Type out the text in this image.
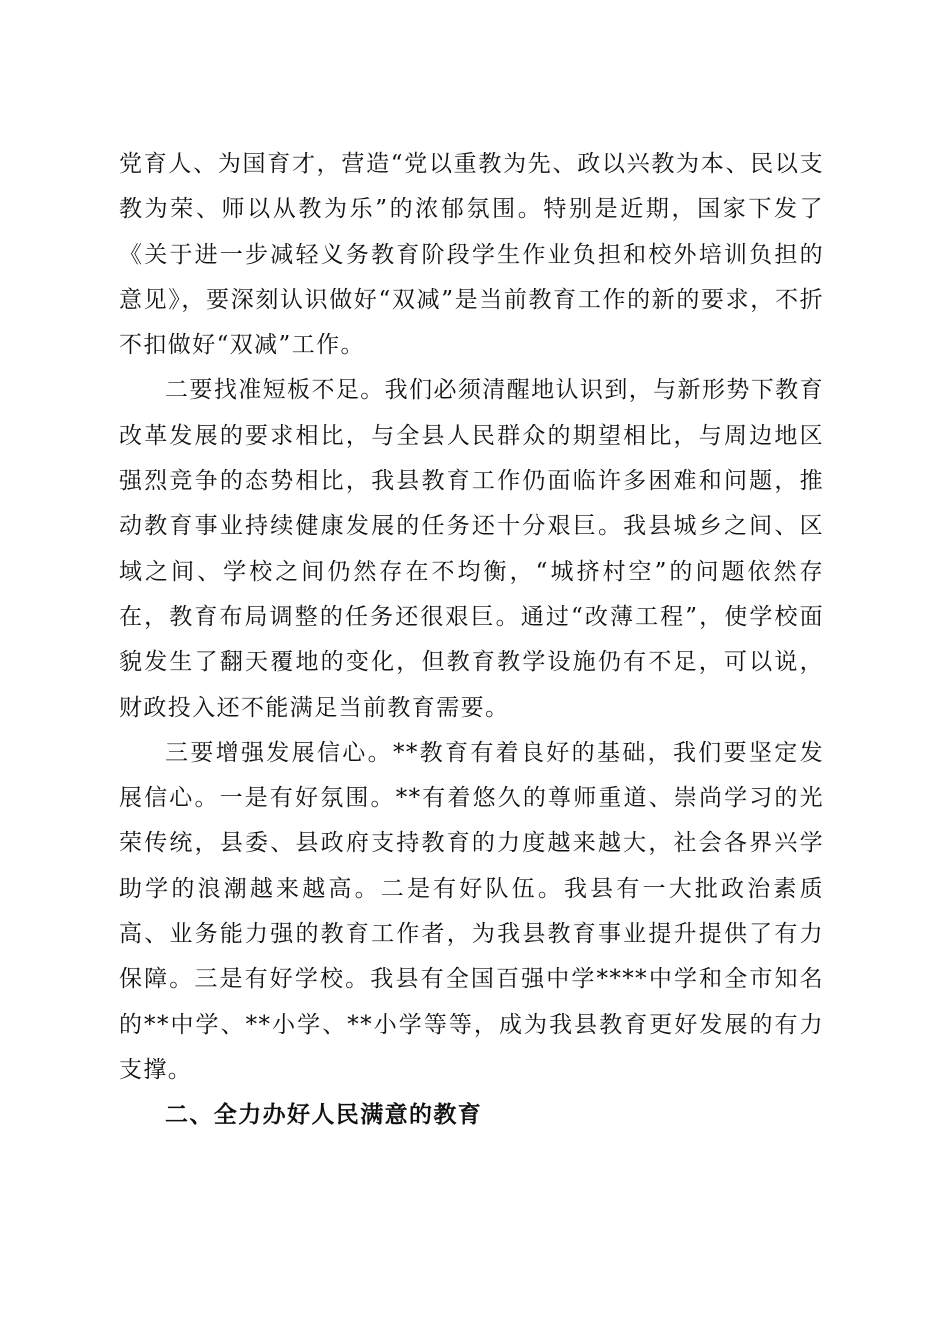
党育人、为国育才，营造“党以重教为先、政以兴教为本、民以支教为荣、师以从教为乐”的浓郁氛围。特别是近期，国家下发了《关于进一步减轻义务教育阶段学生作业负担和校外培训负担的意见》，要深刻认识做好“双减”是当前教育工作的新的要求，不折不扣做好“双减”工作。

二要找准短板不足。我们必须清醒地认识到，与新形势下教育改革发展的要求相比，与全县人民群众的期望相比，与周边地区强烈竞争的态势相比，我县教育工作仍面临许多困难和问题，推动教育事业持续健康发展的任务还十分艰巨。我县城乡之间、区域之间、学校之间仍然存在不均衡，“城挤村空”的问题依然存在，教育布局调整的任务还很艰巨。通过“改薄工程”，使学校面貌发生了翻天覆地的变化，但教育教学设施仍有不足，可以说，财政投入还不能满足当前教育需要。

三要增强发展信心。**教育有着良好的基础，我们要坚定发展信心。一是有好氛围。**有着悠久的尊师重道、崇尚学习的光荣传统，县委、县政府支持教育的力度越来越大，社会各界兴学助学的浪潮越来越高。二是有好队伍。我县有一大批政治素质高、业务能力强的教育工作者，为我县教育事业提升提供了有力保障。三是有好学校。我县有全国百强中学****中学和全市知名的**中学、**小学、**小学等等，成为我县教育更好发展的有力支撑。

二、全力办好人民满意的教育
